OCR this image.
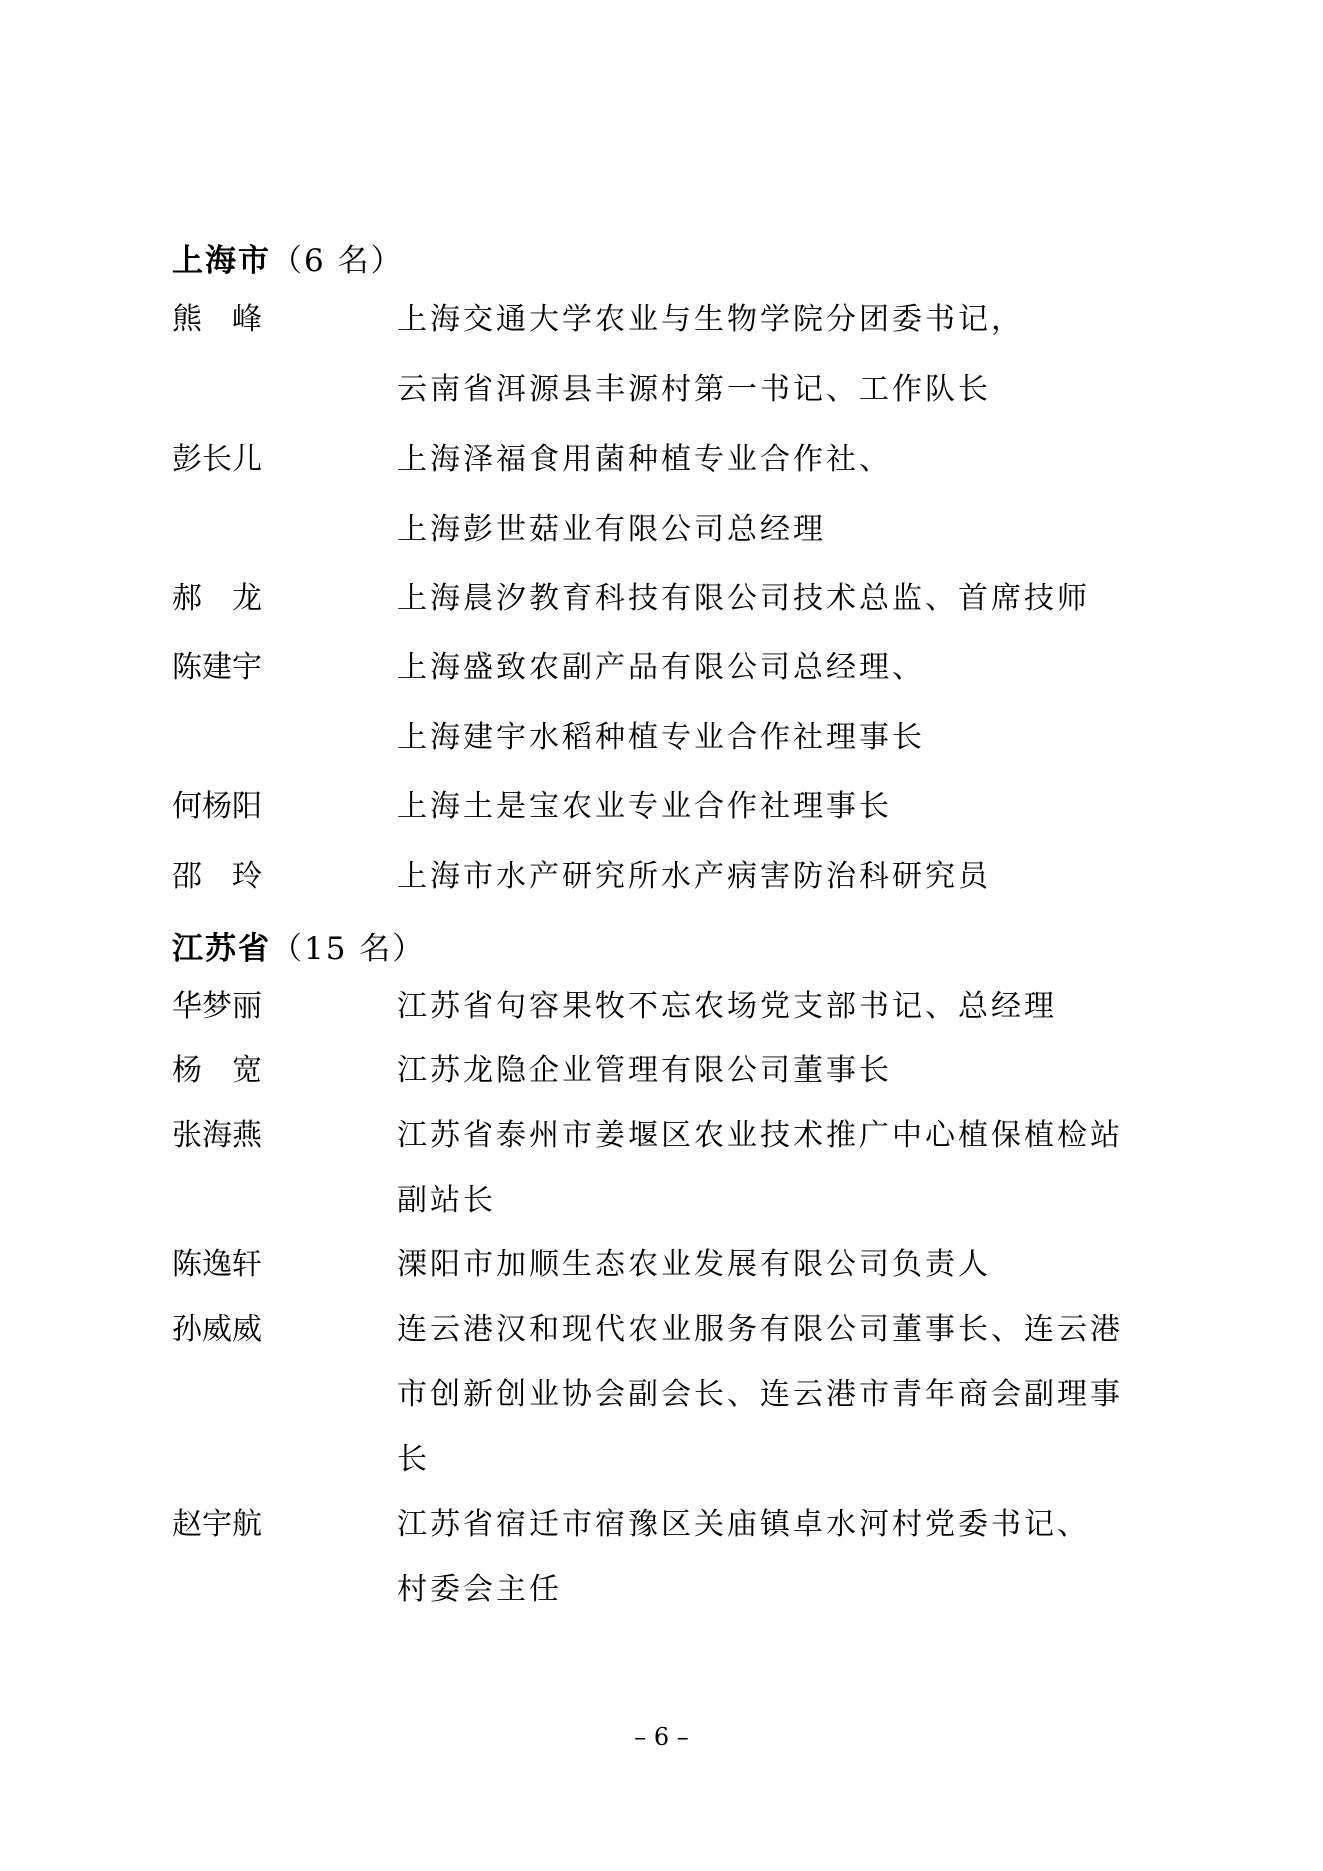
上海市（6 名）
熊　峰	上海交通大学农业与生物学院分团委书记，
云南省洱源县丰源村第一书记、工作队长
彭长儿	上海泽福食用菌种植专业合作社、
上海彭世菇业有限公司总经理
郝　龙	上海晨汐教育科技有限公司技术总监、首席技师
陈建宇	上海盛致农副产品有限公司总经理、
上海建宇水稻种植专业合作社理事长
何杨阳	上海土是宝农业专业合作社理事长
邵　玲	上海市水产研究所水产病害防治科研究员
江苏省（15 名）
华梦丽	江苏省句容果牧不忘农场党支部书记、总经理
杨　宽	江苏龙隐企业管理有限公司董事长
张海燕	江苏省泰州市姜堰区农业技术推广中心植保植检站
副站长
陈逸轩	溧阳市加顺生态农业发展有限公司负责人
孙威威	连云港汉和现代农业服务有限公司董事长、连云港
市创新创业协会副会长、连云港市青年商会副理事
长
赵宇航	江苏省宿迁市宿豫区关庙镇卓水河村党委书记、
村委会主任
– 6 –
